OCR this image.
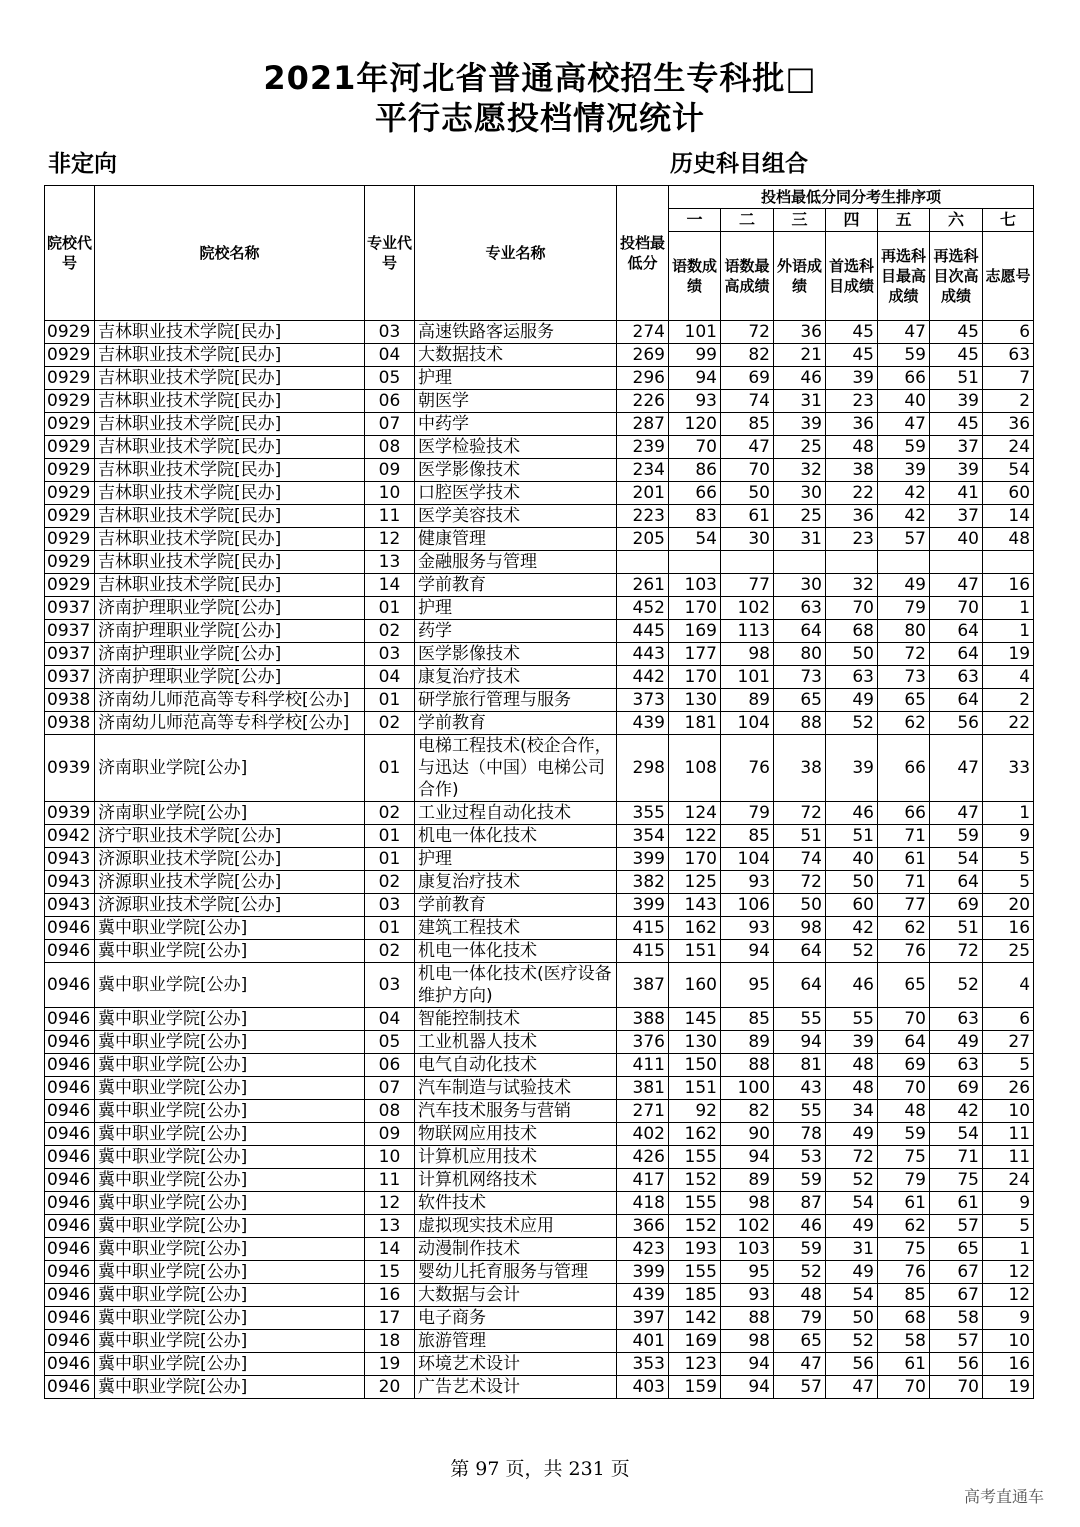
2021年河北省普通高校招生专科批□
平行志愿投档情况统计
非定向	历史科目组合
院校代号	院校名称	专业代号	专业名称	投档最低分	投档最低分同分考生排序项						
					一	二	三	四	五	六	七
					语数成绩	语数最高成绩	外语成绩	首选科目成绩	再选科目最高成绩	再选科目次高成绩	志愿号
0929	吉林职业技术学院[民办]	03	高速铁路客运服务	274	101	72	36	45	47	45	6
0929	吉林职业技术学院[民办]	04	大数据技术	269	99	82	21	45	59	45	63
0929	吉林职业技术学院[民办]	05	护理	296	94	69	46	39	66	51	7
0929	吉林职业技术学院[民办]	06	朝医学	226	93	74	31	23	40	39	2
0929	吉林职业技术学院[民办]	07	中药学	287	120	85	39	36	47	45	36
0929	吉林职业技术学院[民办]	08	医学检验技术	239	70	47	25	48	59	37	24
0929	吉林职业技术学院[民办]	09	医学影像技术	234	86	70	32	38	39	39	54
0929	吉林职业技术学院[民办]	10	口腔医学技术	201	66	50	30	22	42	41	60
0929	吉林职业技术学院[民办]	11	医学美容技术	223	83	61	25	36	42	37	14
0929	吉林职业技术学院[民办]	12	健康管理	205	54	30	31	23	57	40	48
0929	吉林职业技术学院[民办]	13	金融服务与管理								
0929	吉林职业技术学院[民办]	14	学前教育	261	103	77	30	32	49	47	16
0937	济南护理职业学院[公办]	01	护理	452	170	102	63	70	79	70	1
0937	济南护理职业学院[公办]	02	药学	445	169	113	64	68	80	64	1
0937	济南护理职业学院[公办]	03	医学影像技术	443	177	98	80	50	72	64	19
0937	济南护理职业学院[公办]	04	康复治疗技术	442	170	101	73	63	73	63	4
0938	济南幼儿师范高等专科学校[公办]	01	研学旅行管理与服务	373	130	89	65	49	65	64	2
0938	济南幼儿师范高等专科学校[公办]	02	学前教育	439	181	104	88	52	62	56	22
0939	济南职业学院[公办]	01	电梯工程技术(校企合作，与迅达（中国）电梯公司合作)	298	108	76	38	39	66	47	33
0939	济南职业学院[公办]	02	工业过程自动化技术	355	124	79	72	46	66	47	1
0942	济宁职业技术学院[公办]	01	机电一体化技术	354	122	85	51	51	71	59	9
0943	济源职业技术学院[公办]	01	护理	399	170	104	74	40	61	54	5
0943	济源职业技术学院[公办]	02	康复治疗技术	382	125	93	72	50	71	64	5
0943	济源职业技术学院[公办]	03	学前教育	399	143	106	50	60	77	69	20
0946	冀中职业学院[公办]	01	建筑工程技术	415	162	93	98	42	62	51	16
0946	冀中职业学院[公办]	02	机电一体化技术	415	151	94	64	52	76	72	25
0946	冀中职业学院[公办]	03	机电一体化技术(医疗设备维护方向)	387	160	95	64	46	65	52	4
0946	冀中职业学院[公办]	04	智能控制技术	388	145	85	55	55	70	63	6
0946	冀中职业学院[公办]	05	工业机器人技术	376	130	89	94	39	64	49	27
0946	冀中职业学院[公办]	06	电气自动化技术	411	150	88	81	48	69	63	5
0946	冀中职业学院[公办]	07	汽车制造与试验技术	381	151	100	43	48	70	69	26
0946	冀中职业学院[公办]	08	汽车技术服务与营销	271	92	82	55	34	48	42	10
0946	冀中职业学院[公办]	09	物联网应用技术	402	162	90	78	49	59	54	11
0946	冀中职业学院[公办]	10	计算机应用技术	426	155	94	53	72	75	71	11
0946	冀中职业学院[公办]	11	计算机网络技术	417	152	89	59	52	79	75	24
0946	冀中职业学院[公办]	12	软件技术	418	155	98	87	54	61	61	9
0946	冀中职业学院[公办]	13	虚拟现实技术应用	366	152	102	46	49	62	57	5
0946	冀中职业学院[公办]	14	动漫制作技术	423	193	103	59	31	75	65	1
0946	冀中职业学院[公办]	15	婴幼儿托育服务与管理	399	155	95	52	49	76	67	12
0946	冀中职业学院[公办]	16	大数据与会计	439	185	93	48	54	85	67	12
0946	冀中职业学院[公办]	17	电子商务	397	142	88	79	50	68	58	9
0946	冀中职业学院[公办]	18	旅游管理	401	169	98	65	52	58	57	10
0946	冀中职业学院[公办]	19	环境艺术设计	353	123	94	47	56	61	56	16
0946	冀中职业学院[公办]	20	广告艺术设计	403	159	94	57	47	70	70	19
第 97 页，共 231 页
高考直通车
